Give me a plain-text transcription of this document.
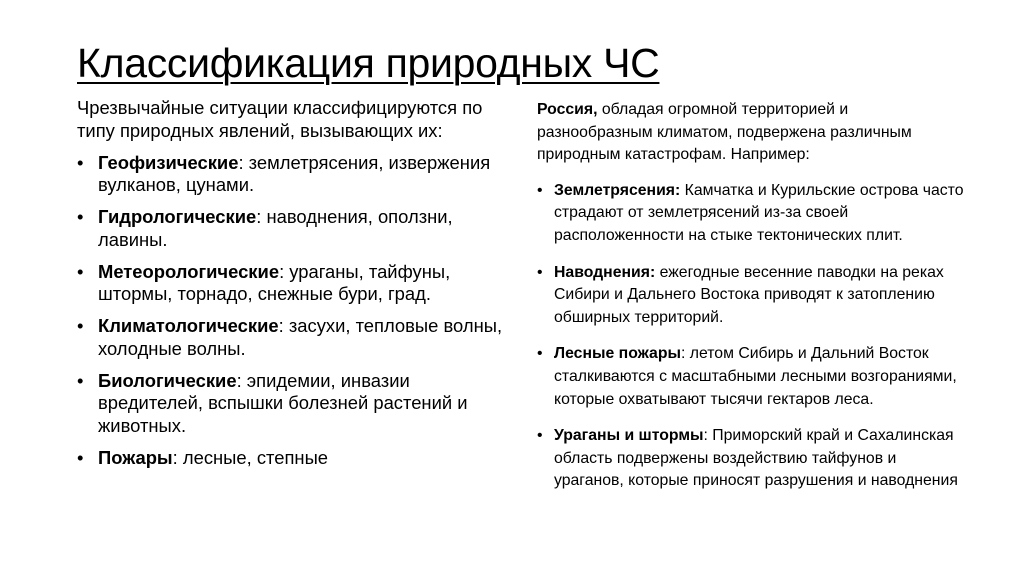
Классификация природных ЧС

Чрезвычайные ситуации классифицируются по типу природных явлений, вызывающих их:

• Геофизические: землетрясения, извержения вулканов, цунами.
• Гидрологические: наводнения, оползни, лавины.
• Метеорологические: ураганы, тайфуны, штормы, торнадо, снежные бури, град.
• Климатологические: засухи, тепловые волны, холодные волны.
• Биологические: эпидемии, инвазии вредителей, вспышки болезней растений и животных.
• Пожары: лесные, степные

Россия, обладая огромной территорией и разнообразным климатом, подвержена различным природным катастрофам. Например:

• Землетрясения: Камчатка и Курильские острова часто страдают от землетрясений из-за своей расположенности на стыке тектонических плит.
• Наводнения: ежегодные весенние паводки на реках Сибири и Дальнего Востока приводят к затоплению обширных территорий.
• Лесные пожары: летом Сибирь и Дальний Восток сталкиваются с масштабными лесными возгораниями, которые охватывают тысячи гектаров леса.
• Ураганы и штормы: Приморский край и Сахалинская область подвержены воздействию тайфунов и ураганов, которые приносят разрушения и наводнения
